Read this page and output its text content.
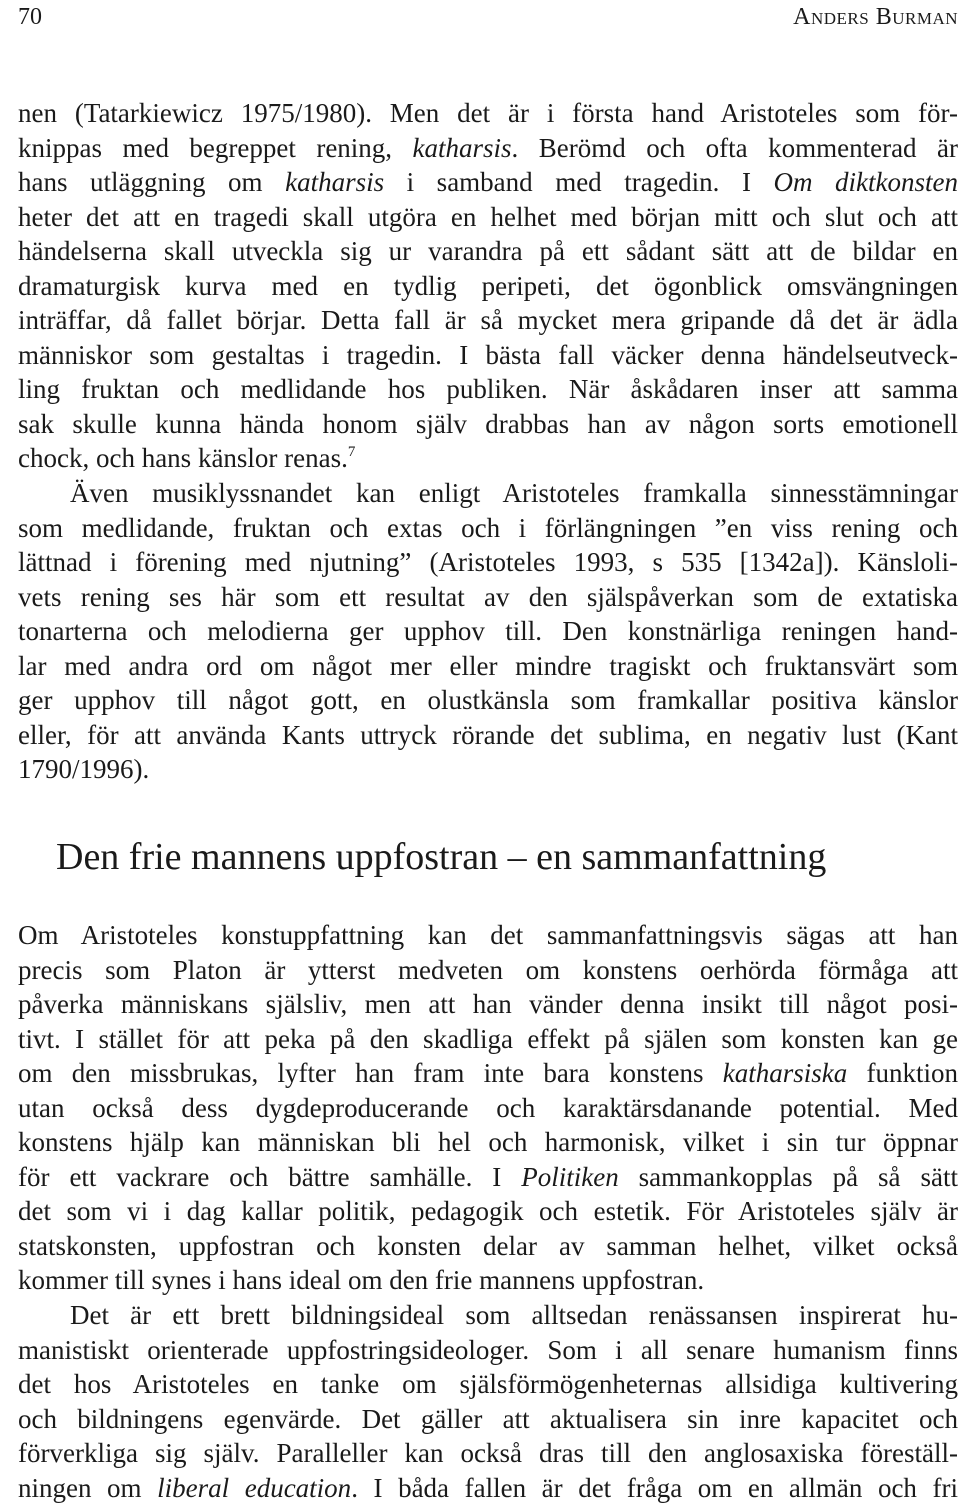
70	Anders Burman
nen (Tatarkiewicz 1975/1980). Men det är i första hand Aristoteles som för-
knippas med begreppet rening, katharsis. Berömd och ofta kommenterad är
hans utläggning om katharsis i samband med tragedin. I Om diktkonsten
heter det att en tragedi skall utgöra en helhet med början mitt och slut och att
händelserna skall utveckla sig ur varandra på ett sådant sätt att de bildar en
dramaturgisk kurva med en tydlig peripeti, det ögonblick omsvängningen
inträffar, då fallet börjar. Detta fall är så mycket mera gripande då det är ädla
människor som gestaltas i tragedin. I bästa fall väcker denna händelseutveck-
ling fruktan och medlidande hos publiken. När åskådaren inser att samma
sak skulle kunna hända honom själv drabbas han av någon sorts emotionell
chock, och hans känslor renas.$^7$
Även musiklyssnandet kan enligt Aristoteles framkalla sinnesstämningar
som medlidande, fruktan och extas och i förlängningen ”en viss rening och
lättnad i förening med njutning” (Aristoteles 1993, s 535 [1342a]). Känsloli-
vets rening ses här som ett resultat av den själspåverkan som de extatiska
tonarterna och melodierna ger upphov till. Den konstnärliga reningen hand-
lar med andra ord om något mer eller mindre tragiskt och fruktansvärt som
ger upphov till något gott, en olustkänsla som framkallar positiva känslor
eller, för att använda Kants uttryck rörande det sublima, en negativ lust (Kant
1790/1996).
Den frie mannens uppfostran – en sammanfattning
Om Aristoteles konstuppfattning kan det sammanfattningsvis sägas att han
precis som Platon är ytterst medveten om konstens oerhörda förmåga att
påverka människans själsliv, men att han vänder denna insikt till något posi-
tivt. I stället för att peka på den skadliga effekt på själen som konsten kan ge
om den missbrukas, lyfter han fram inte bara konstens katharsiska funktion
utan också dess dygdeproducerande och karaktärsdanande potential. Med
konstens hjälp kan människan bli hel och harmonisk, vilket i sin tur öppnar
för ett vackrare och bättre samhälle. I Politiken sammankopplas på så sätt
det som vi i dag kallar politik, pedagogik och estetik. För Aristoteles själv är
statskonsten, uppfostran och konsten delar av samman helhet, vilket också
kommer till synes i hans ideal om den frie mannens uppfostran.
Det är ett brett bildningsideal som alltsedan renässansen inspirerat hu-
manistiskt orienterade uppfostringsideologer. Som i all senare humanism finns
det hos Aristoteles en tanke om själsförmögenheternas allsidiga kultivering
och bildningens egenvärde. Det gäller att aktualisera sin inre kapacitet och
förverkliga sig själv. Paralleller kan också dras till den anglosaxiska föreställ-
ningen om liberal education. I båda fallen är det fråga om en allmän och fri
